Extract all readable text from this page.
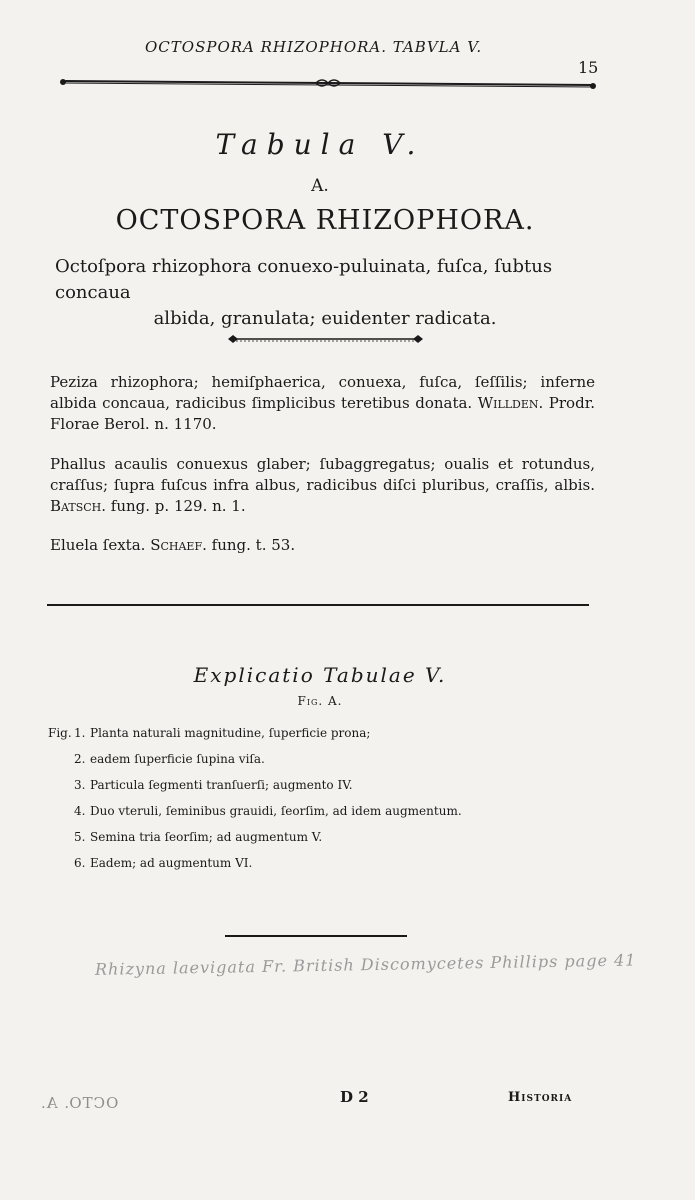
OCTOSPORA RHIZOPHORA. TABVLA V.
15
Tabula V.
A.
OCTOSPORA RHIZOPHORA.
Octoſpora rhizophora conuexo-puluinata, fuſca, ſubtus concaua
albida, granulata; euidenter radicata.
Peziza rhizophora; hemiſphaerica, conuexa, fuſca, ſeſſilis; inferne albida concaua, radicibus ſimplicibus teretibus donata. Willden. Prodr. Florae Berol. n. 1170.
Phallus acaulis conuexus glaber; ſubaggregatus; oualis et rotundus, craſſus; ſupra fuſcus infra albus, radicibus diſci pluribus, craſſis, albis. Batsch. fung. p. 129. n. 1.
Eluela ſexta. Schaef. fung. t. 53.
Explicatio Tabulae V.
Fig. A.
Fig. 1. Planta naturali magnitudine, ſuperficie prona;
2. eadem ſuperficie ſupina viſa.
3. Particula ſegmenti tranſuerſi; augmento IV.
4. Duo vteruli, ſeminibus grauidi, ſeorſim, ad idem augmentum.
5. Semina tria ſeorſim; ad augmentum V.
6. Eadem; ad augmentum VI.
Rhizyna laevigata Fr. British Discomycetes Phillips page 41
OCTO. A.	D 2	Historia
